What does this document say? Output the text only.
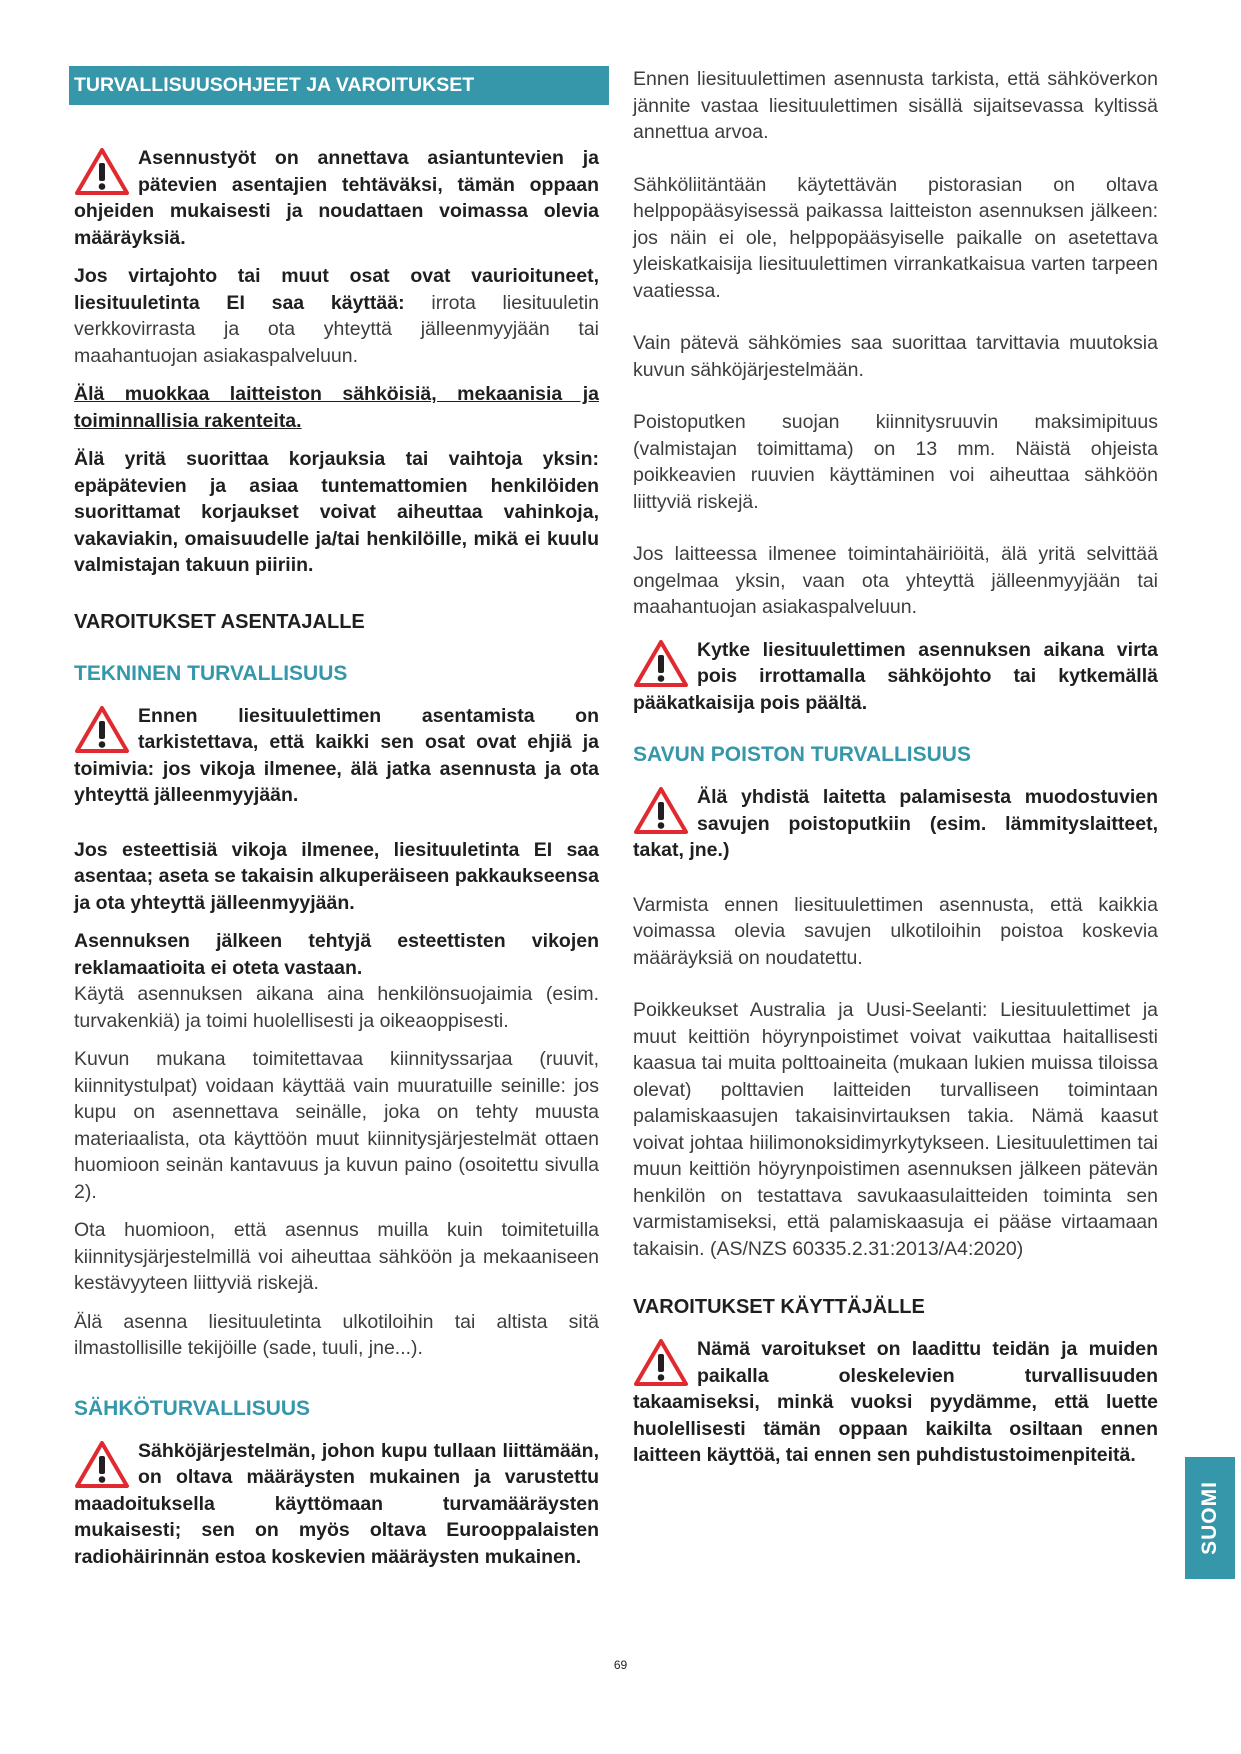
TURVALLISUUSOHJEET JA VAROITUKSET

Asennustyöt on annettava asiantuntevien ja pätevien asentajien tehtäväksi, tämän oppaan ohjeiden mukaisesti ja noudattaen voimassa olevia määräyksiä.

Jos virtajohto tai muut osat ovat vaurioituneet, liesituuletinta EI saa käyttää: irrota liesituuletin verkkovirrasta ja ota yhteyttä jälleenmyyjään tai maahantuojan asiakaspalveluun.

Älä muokkaa laitteiston sähköisiä, mekaanisia ja toiminnallisia rakenteita.

Älä yritä suorittaa korjauksia tai vaihtoja yksin: epäpätevien ja asiaa tuntemattomien henkilöiden suorittamat korjaukset voivat aiheuttaa vahinkoja, vakaviakin, omaisuudelle ja/tai henkilöille, mikä ei kuulu valmistajan takuun piiriin.

VAROITUKSET ASENTAJALLE

TEKNINEN TURVALLISUUS

Ennen liesituulettimen asentamista on tarkistettava, että kaikki sen osat ovat ehjiä ja toimivia: jos vikoja ilmenee, älä jatka asennusta ja ota yhteyttä jälleenmyyjään.

Jos esteettisiä vikoja ilmenee, liesituuletinta EI saa asentaa; aseta se takaisin alkuperäiseen pakkaukseensa ja ota yhteyttä jälleenmyyjään.

Asennuksen jälkeen tehtyjä esteettisten vikojen reklamaatioita ei oteta vastaan.

Käytä asennuksen aikana aina henkilönsuojaimia (esim. turvakenkiä) ja toimi huolellisesti ja oikeaoppisesti.

Kuvun mukana toimitettavaa kiinnityssarjaa (ruuvit, kiinnitystulpat) voidaan käyttää vain muuratuille seinille: jos kupu on asennettava seinälle, joka on tehty muusta materiaalista, ota käyttöön muut kiinnitysjärjestelmät ottaen huomioon seinän kantavuus ja kuvun paino (osoitettu sivulla 2).

Ota huomioon, että asennus muilla kuin toimitetuilla kiinnitysjärjestelmillä voi aiheuttaa sähköön ja mekaaniseen kestävyyteen liittyviä riskejä.

Älä asenna liesituuletinta ulkotiloihin tai altista sitä ilmastollisille tekijöille (sade, tuuli, jne...).

SÄHKÖTURVALLISUUS

Sähköjärjestelmän, johon kupu tullaan liittämään, on oltava määräysten mukainen ja varustettu maadoituksella käyttömaan turvamääräysten mukaisesti; sen on myös oltava Eurooppalaisten radiohäirinnän estoa koskevien määräysten mukainen.

Ennen liesituulettimen asennusta tarkista, että sähköverkon jännite vastaa liesituulettimen sisällä sijaitsevassa kyltissä annettua arvoa.

Sähköliitäntään käytettävän pistorasian on oltava helppopääsyisessä paikassa laitteiston asennuksen jälkeen: jos näin ei ole, helppopääsyiselle paikalle on asetettava yleiskatkaisija liesituulettimen virrankatkaisua varten tarpeen vaatiessa.

Vain pätevä sähkömies saa suorittaa tarvittavia muutoksia kuvun sähköjärjestelmään.

Poistoputken suojan kiinnitysruuvin maksimipituus (valmistajan toimittama) on 13 mm. Näistä ohjeista poikkeavien ruuvien käyttäminen voi aiheuttaa sähköön liittyviä riskejä.

Jos laitteessa ilmenee toimintahäiriöitä, älä yritä selvittää ongelmaa yksin, vaan ota yhteyttä jälleenmyyjään tai maahantuojan asiakaspalveluun.

Kytke liesituulettimen asennuksen aikana virta pois irrottamalla sähköjohto tai kytkemällä pääkatkaisija pois päältä.

SAVUN POISTON TURVALLISUUS

Älä yhdistä laitetta palamisesta muodostuvien savujen poistoputkiin (esim. lämmityslaitteet, takat, jne.)

Varmista ennen liesituulettimen asennusta, että kaikkia voimassa olevia savujen ulkotiloihin poistoa koskevia määräyksiä on noudatettu.

Poikkeukset Australia ja Uusi-Seelanti: Liesituulettimet ja muut keittiön höyrynpoistimet voivat vaikuttaa haitallisesti kaasua tai muita polttoaineita (mukaan lukien muissa tiloissa olevat) polttavien laitteiden turvalliseen toimintaan palamiskaasujen takaisinvirtauksen takia. Nämä kaasut voivat johtaa hiilimonoksidimyrkytykseen. Liesituulettimen tai muun keittiön höyrynpoistimen asennuksen jälkeen pätevän henkilön on testattava savukaasulaitteiden toiminta sen varmistamiseksi, että palamiskaasuja ei pääse virtaamaan takaisin. (AS/NZS 60335.2.31:2013/A4:2020)

VAROITUKSET KÄYTTÄJÄLLE

Nämä varoitukset on laadittu teidän ja muiden paikalla oleskelevien turvallisuuden takaamiseksi, minkä vuoksi pyydämme, että luette huolellisesti tämän oppaan kaikilta osiltaan ennen laitteen käyttöä, tai ennen sen puhdistustoimenpiteitä.

SUOMI
69
